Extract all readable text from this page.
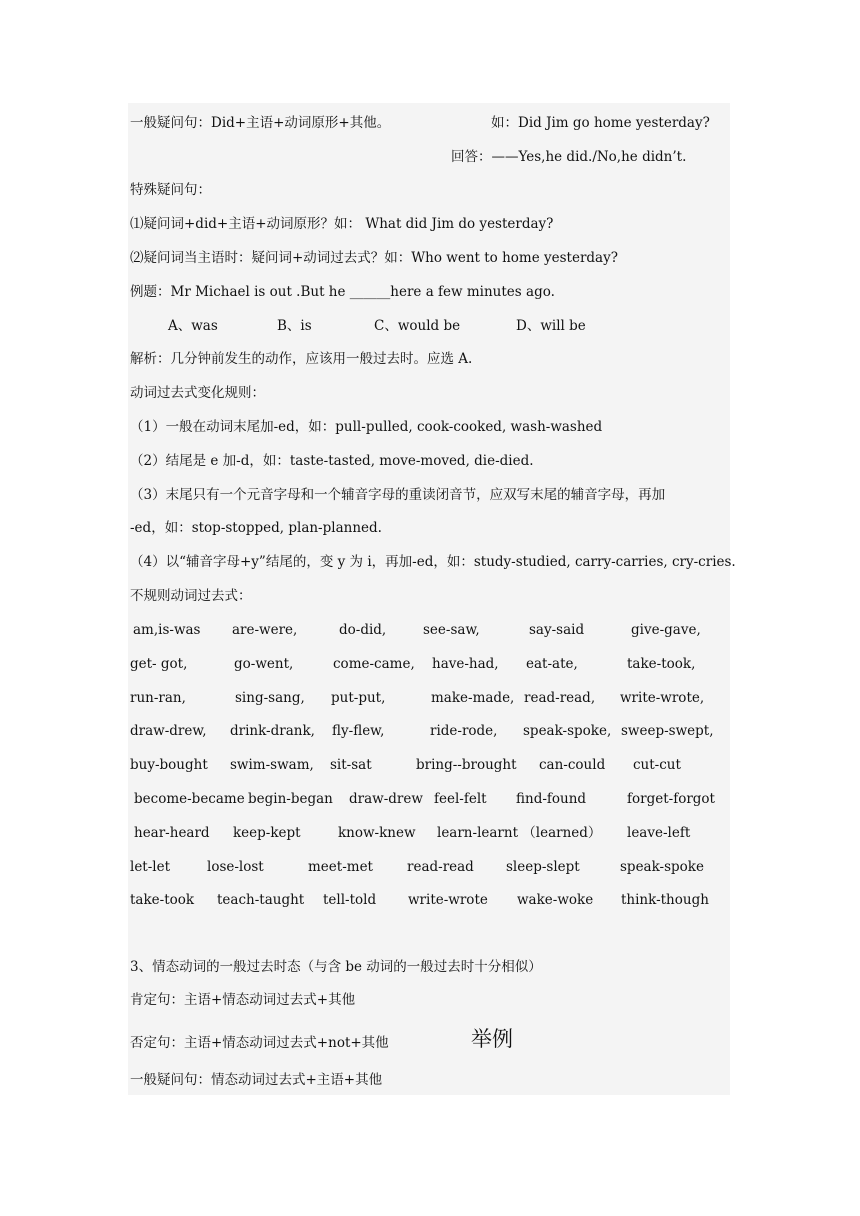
一般疑问句：Did+主语+动词原形+其他。	如：Did Jim go home yesterday?
回答：——Yes,he did./No,he didn’t.
特殊疑问句：
⑴疑问词+did+主语+动词原形？如： What did Jim do yesterday?
⑵疑问词当主语时：疑问词+动词过去式？如：Who went to home yesterday?
例题：Mr Michael is out .But he ______here a few minutes ago.
A、was	B、is	C、would be	D、will be
解析：几分钟前发生的动作，应该用一般过去时。应选 A.
动词过去式变化规则：
（1）一般在动词末尾加-ed，如：pull-pulled, cook-cooked, wash-washed
（2）结尾是 e 加-d，如：taste-tasted, move-moved, die-died.
（3）末尾只有一个元音字母和一个辅音字母的重读闭音节，应双写末尾的辅音字母，再加
-ed，如：stop-stopped, plan-planned.
（4）以“辅音字母+y”结尾的，变 y 为 i，再加-ed，如：study-studied, carry-carries, cry-cries.
不规则动词过去式：
am,is-was are-were,	do-did,	see-saw,	say-said	give-gave,
get- got,	go-went,	come-came, have-had, eat-ate,	take-took,
run-ran,	sing-sang, put-put,	make-made, read-read, write-wrote,
draw-drew, drink-drank, fly-flew,	ride-rode, speak-spoke, sweep-swept,
buy-bought swim-swam, sit-sat	bring--brought can-could cut-cut
become-became begin-began draw-drew feel-felt find-found	forget-forgot
hear-heard keep-kept	know-knew learn-learnt （learned） leave-left
let-let	lose-lost	meet-met	read-read sleep-slept	speak-spoke
take-took teach-taught tell-told write-wrote wake-woke think-though
3、情态动词的一般过去时态（与含 be 动词的一般过去时十分相似）
肯定句：主语+情态动词过去式+其他
否定句：主语+情态动词过去式+not+其他	举例
一般疑问句：情态动词过去式+主语+其他
